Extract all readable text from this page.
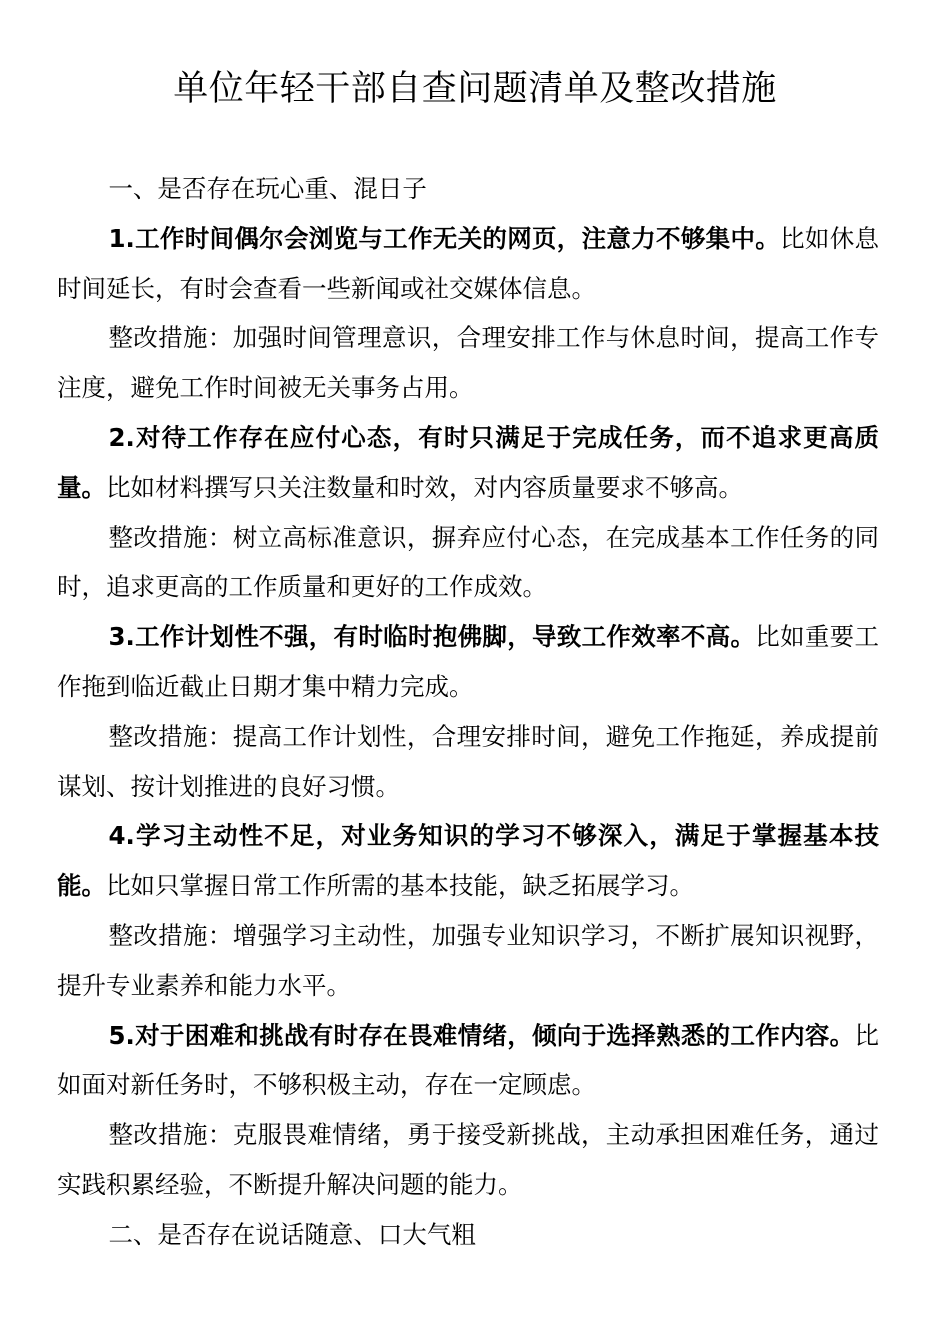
单位年轻干部自查问题清单及整改措施

一、是否存在玩心重、混日子

1.工作时间偶尔会浏览与工作无关的网页，注意力不够集中。比如休息时间延长，有时会查看一些新闻或社交媒体信息。

整改措施：加强时间管理意识，合理安排工作与休息时间，提高工作专注度，避免工作时间被无关事务占用。

2.对待工作存在应付心态，有时只满足于完成任务，而不追求更高质量。比如材料撰写只关注数量和时效，对内容质量要求不够高。

整改措施：树立高标准意识，摒弃应付心态，在完成基本工作任务的同时，追求更高的工作质量和更好的工作成效。

3.工作计划性不强，有时临时抱佛脚，导致工作效率不高。比如重要工作拖到临近截止日期才集中精力完成。

整改措施：提高工作计划性，合理安排时间，避免工作拖延，养成提前谋划、按计划推进的良好习惯。

4.学习主动性不足，对业务知识的学习不够深入，满足于掌握基本技能。比如只掌握日常工作所需的基本技能，缺乏拓展学习。

整改措施：增强学习主动性，加强专业知识学习，不断扩展知识视野，提升专业素养和能力水平。

5.对于困难和挑战有时存在畏难情绪，倾向于选择熟悉的工作内容。比如面对新任务时，不够积极主动，存在一定顾虑。

整改措施：克服畏难情绪，勇于接受新挑战，主动承担困难任务，通过实践积累经验，不断提升解决问题的能力。

二、是否存在说话随意、口大气粗
